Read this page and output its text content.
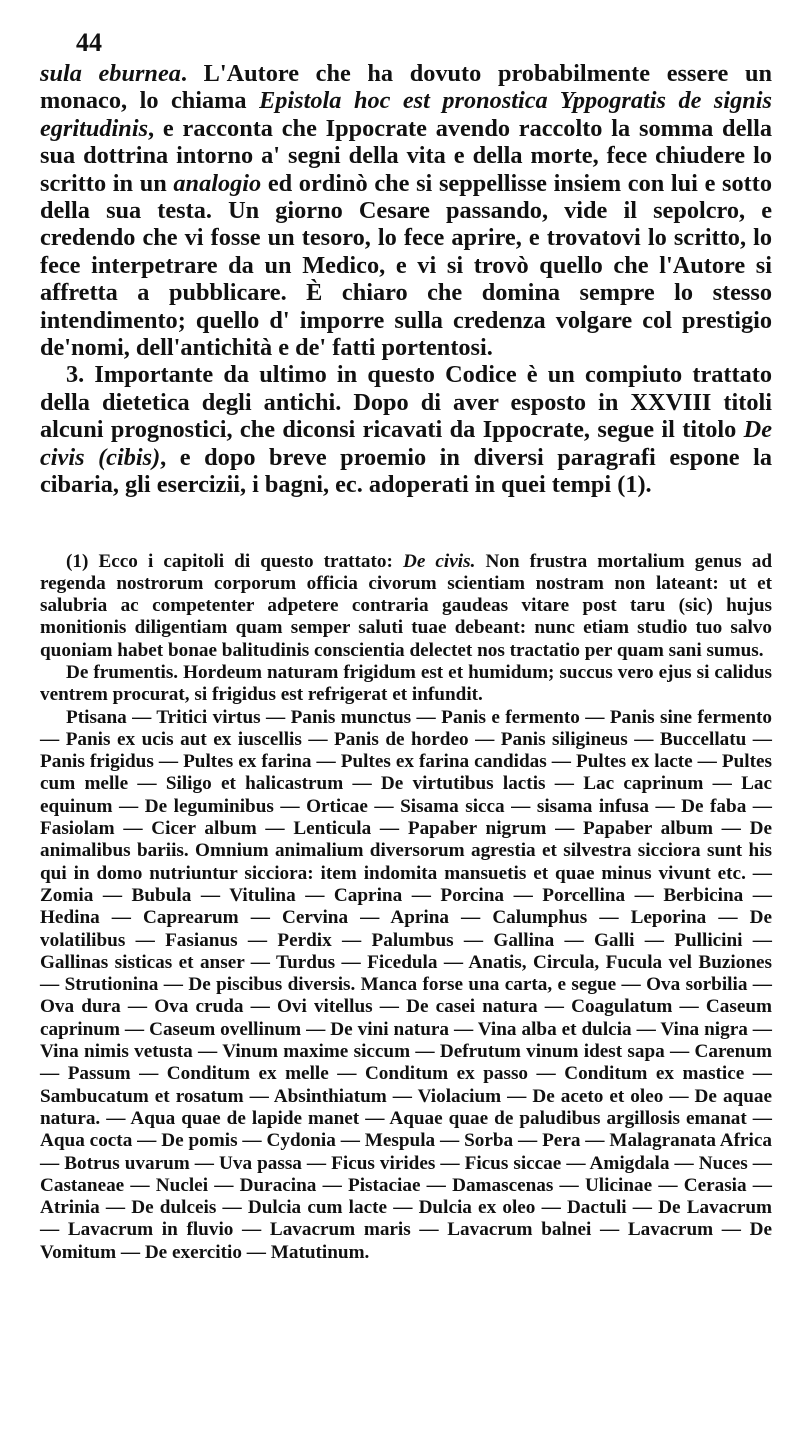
44

sula eburnea. L'Autore che ha dovuto probabilmente essere un monaco, lo chiama Epistola hoc est pronostica Yppogratis de signis egritudinis, e racconta che Ippocrate avendo raccolto la somma della sua dottrina intorno a' segni della vita e della morte, fece chiudere lo scritto in un analogio ed ordinò che si seppellisse insiem con lui e sotto della sua testa. Un giorno Cesare passando, vide il sepolcro, e credendo che vi fosse un tesoro, lo fece aprire, e trovatovi lo scritto, lo fece interpetrare da un Medico, e vi si trovò quello che l'Autore si affretta a pubblicare. È chiaro che domina sempre lo stesso intendimento; quello d' imporre sulla credenza volgare col prestigio de'nomi, dell'antichità e de' fatti portentosi.

3. Importante da ultimo in questo Codice è un compiuto trattato della dietetica degli antichi. Dopo di aver esposto in XXVIII titoli alcuni prognostici, che diconsi ricavati da Ippocrate, segue il titolo De civis (cibis), e dopo breve proemio in diversi paragrafi espone la cibaria, gli esercizii, i bagni, ec. adoperati in quei tempi (1).

(1) Ecco i capitoli di questo trattato: De civis. Non frustra mortalium genus ad regenda nostrorum corporum officia civorum scientiam nostram non lateant: ut et salubria ac competenter adpetere contraria gaudeas vitare post taru (sic) hujus monitionis diligentiam quam semper saluti tuae debeant: nunc etiam studio tuo salvo quoniam habet bonae balitudinis conscientia delectet nos tractatio per quam sani sumus.

De frumentis. Hordeum naturam frigidum est et humidum; succus vero ejus si calidus ventrem procurat, si frigidus est refrigerat et infundit.

Ptisana — Tritici virtus — Panis munctus — Panis e fermento — Panis sine fermento — Panis ex ucis aut ex iuscellis — Panis de hordeo — Panis siligineus — Buccellatu — Panis frigidus — Pultes ex farina — Pultes ex farina candidas — Pultes ex lacte — Pultes cum melle — Siligo et halicastrum — De virtutibus lactis — Lac caprinum — Lac equinum — De leguminibus — Orticae — Sisama sicca — sisama infusa — De faba — Fasiolam — Cicer album — Lenticula — Papaber nigrum — Papaber album — De animalibus bariis. Omnium animalium diversorum agrestia et silvestra sicciora sunt his qui in domo nutriuntur sicciora: item indomita mansuetis et quae minus vivunt etc. — Zomia — Bubula — Vitulina — Caprina — Porcina — Porcellina — Berbicina — Hedina — Caprearum — Cervina — Aprina — Calumphus — Leporina — De volatilibus — Fasianus — Perdix — Palumbus — Gallina — Galli — Pullicini — Gallinas sisticas et anser — Turdus — Ficedula — Anatis, Circula, Fucula vel Buziones — Strutionina — De piscibus diversis. Manca forse una carta, e segue — Ova sorbilia — Ova dura — Ova cruda — Ovi vitellus — De casei natura — Coagulatum — Caseum caprinum — Caseum ovellinum — De vini natura — Vina alba et dulcia — Vina nigra — Vina nimis vetusta — Vinum maxime siccum — Defrutum vinum idest sapa — Carenum — Passum — Conditum ex melle — Conditum ex passo — Conditum ex mastice — Sambucatum et rosatum — Absinthiatum — Violacium — De aceto et oleo — De aquae natura. — Aqua quae de lapide manet — Aquae quae de paludibus argillosis emanat — Aqua cocta — De pomis — Cydonia — Mespula — Sorba — Pera — Malagranata Africa — Botrus uvarum — Uva passa — Ficus virides — Ficus siccae — Amigdala — Nuces — Castaneae — Nuclei — Duracina — Pistaciae — Damascenas — Ulicinae — Cerasia — Atrinia — De dulceis — Dulcia cum lacte — Dulcia ex oleo — Dactuli — De Lavacrum — Lavacrum in fluvio — Lavacrum maris — Lavacrum balnei — Lavacrum — De Vomitum — De exercitio — Matutinum.
